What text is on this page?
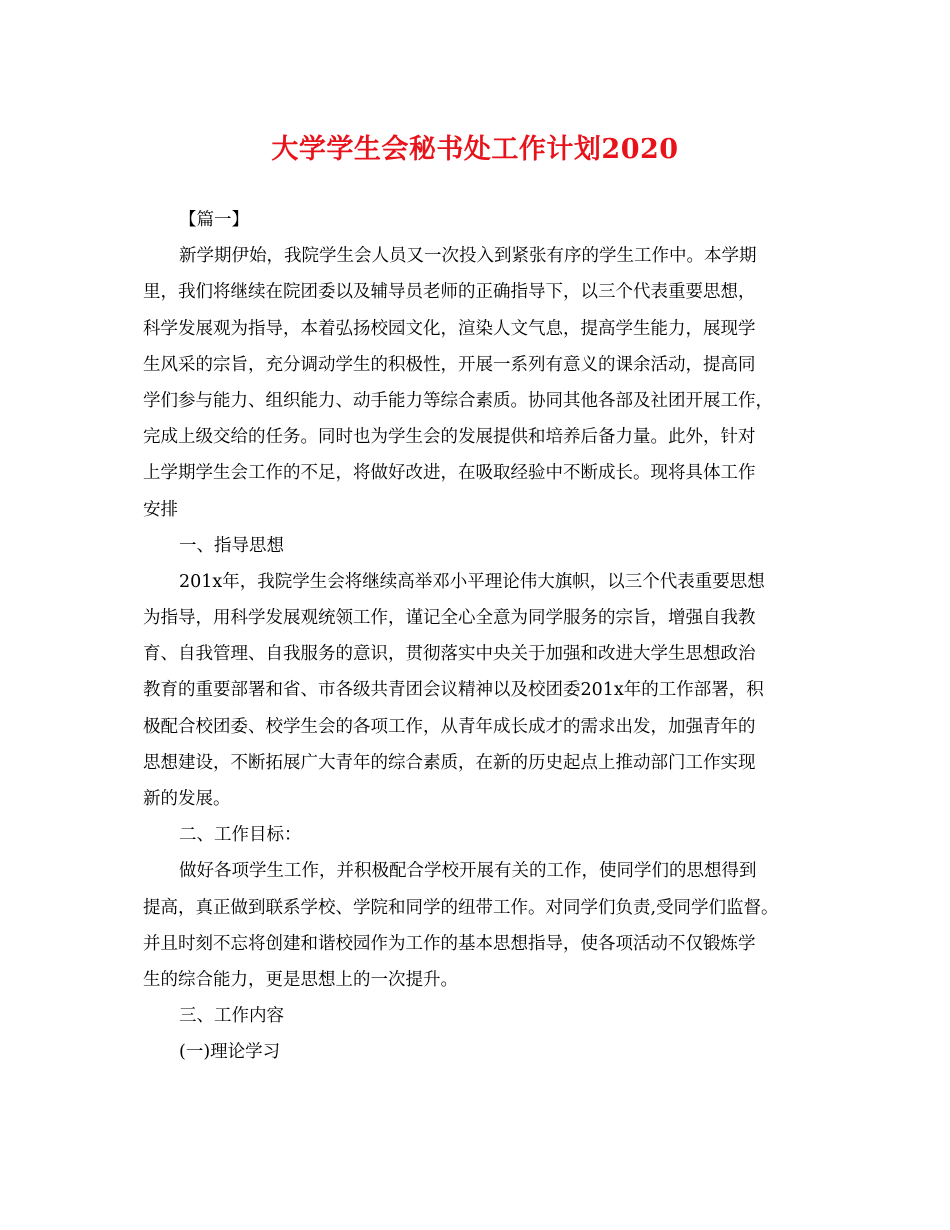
大学学生会秘书处工作计划2020
【篇一】
新学期伊始，我院学生会人员又一次投入到紧张有序的学生工作中。本学期
里，我们将继续在院团委以及辅导员老师的正确指导下，以三个代表重要思想，
科学发展观为指导，本着弘扬校园文化，渲染人文气息，提高学生能力，展现学
生风采的宗旨，充分调动学生的积极性，开展一系列有意义的课余活动，提高同
学们参与能力、组织能力、动手能力等综合素质。协同其他各部及社团开展工作，
完成上级交给的任务。同时也为学生会的发展提供和培养后备力量。此外，针对
上学期学生会工作的不足，将做好改进，在吸取经验中不断成长。现将具体工作
安排
一、指导思想
201x年，我院学生会将继续高举邓小平理论伟大旗帜，以三个代表重要思想
为指导，用科学发展观统领工作，谨记全心全意为同学服务的宗旨，增强自我教
育、自我管理、自我服务的意识，贯彻落实中央关于加强和改进大学生思想政治
教育的重要部署和省、市各级共青团会议精神以及校团委201x年的工作部署，积
极配合校团委、校学生会的各项工作，从青年成长成才的需求出发，加强青年的
思想建设，不断拓展广大青年的综合素质，在新的历史起点上推动部门工作实现
新的发展。
二、工作目标：
做好各项学生工作，并积极配合学校开展有关的工作，使同学们的思想得到
提高，真正做到联系学校、学院和同学的纽带工作。对同学们负责,受同学们监督。
并且时刻不忘将创建和谐校园作为工作的基本思想指导，使各项活动不仅锻炼学
生的综合能力，更是思想上的一次提升。
三、工作内容
(一)理论学习
